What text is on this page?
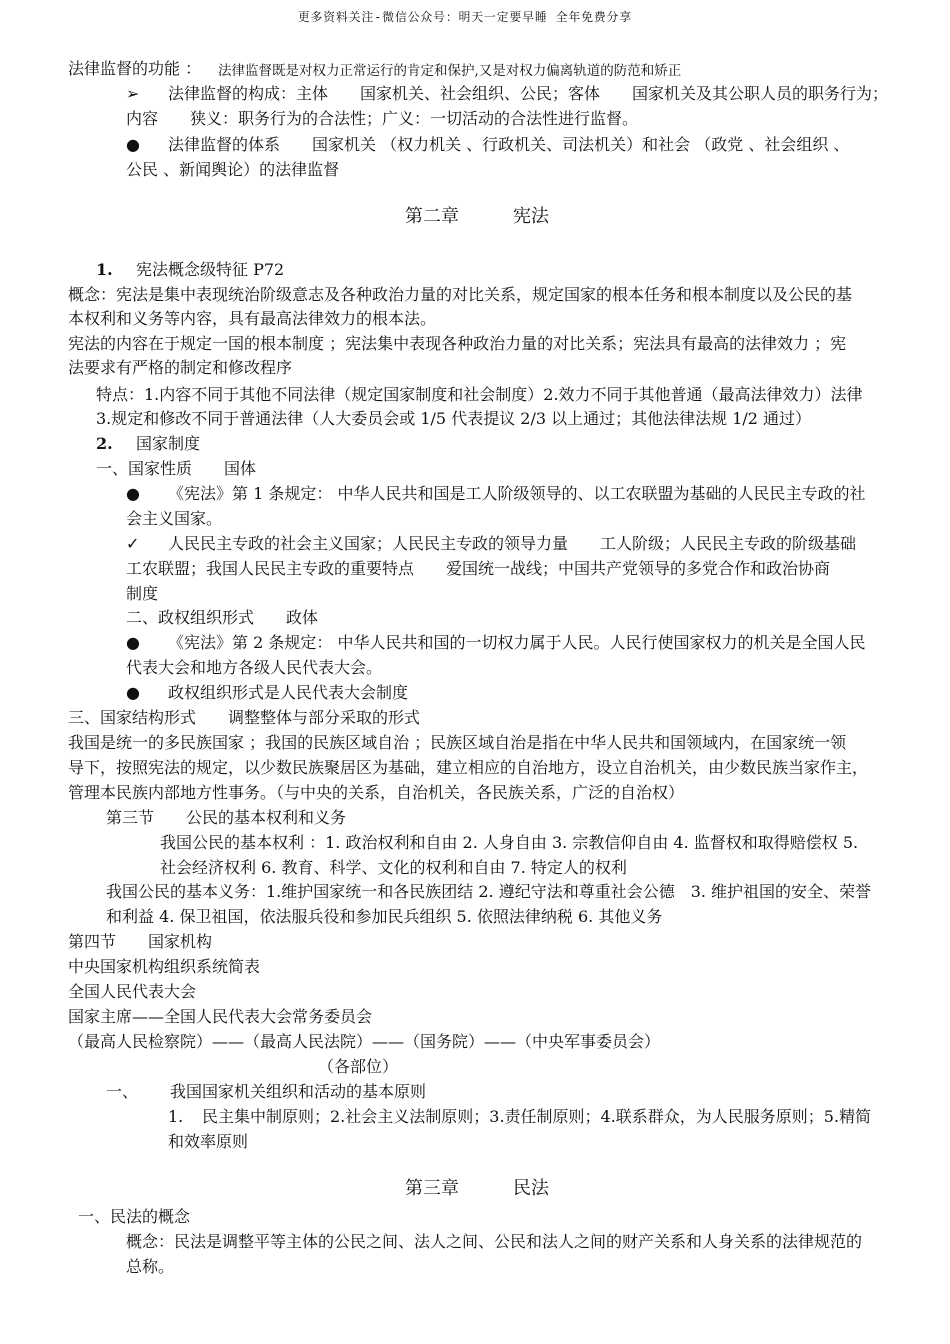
更多资料关注-微信公众号：明天一定要早睡 全年免费分享
法律监督的功能 ： 法律监督既是对权力正常运行的肯定和保护,又是对权力偏离轨道的防范和矫正
➢ 法律监督的构成：主体　　国家机关、社会组织、公民；客体　　国家机关及其公职人员的职务行为；
内容　　狭义：职务行为的合法性；广义：一切活动的合法性进行监督。
● 法律监督的体系　　国家机关 （权力机关 、行政机关、司法机关）和社会 （政党 、社会组织 、
公民 、新闻舆论）的法律监督
第二章　　　宪法
1. 宪法概念级特征 P72
概念：宪法是集中表现统治阶级意志及各种政治力量的对比关系，规定国家的根本任务和根本制度以及公民的基
本权利和义务等内容，具有最高法律效力的根本法。
宪法的内容在于规定一国的根本制度 ；宪法集中表现各种政治力量的对比关系；宪法具有最高的法律效力 ；宪
法要求有严格的制定和修改程序
特点：1.内容不同于其他不同法律（规定国家制度和社会制度）2.效力不同于其他普通（最高法律效力）法律
3.规定和修改不同于普通法律（人大委员会或 1/5 代表提议 2/3 以上通过；其他法律法规 1/2 通过）
2. 国家制度
一、国家性质　　国体
● 《宪法》第 1 条规定： 中华人民共和国是工人阶级领导的、以工农联盟为基础的人民民主专政的社
会主义国家。
✓ 人民民主专政的社会主义国家；人民民主专政的领导力量　　工人阶级；人民民主专政的阶级基础
工农联盟；我国人民民主专政的重要特点　　爱国统一战线；中国共产党领导的多党合作和政治协商
制度
二、政权组织形式　　政体
● 《宪法》第 2 条规定： 中华人民共和国的一切权力属于人民。人民行使国家权力的机关是全国人民
代表大会和地方各级人民代表大会。
● 政权组织形式是人民代表大会制度
三、国家结构形式　　调整整体与部分采取的形式
我国是统一的多民族国家 ；我国的民族区域自治 ；民族区域自治是指在中华人民共和国领域内，在国家统一领
导下，按照宪法的规定，以少数民族聚居区为基础，建立相应的自治地方，设立自治机关，由少数民族当家作主，
管理本民族内部地方性事务。（与中央的关系，自治机关，各民族关系，广泛的自治权）
第三节　　公民的基本权利和义务
我国公民的基本权利 ：1. 政治权利和自由 2. 人身自由 3. 宗教信仰自由 4. 监督权和取得赔偿权 5.
社会经济权利 6. 教育、科学、文化的权利和自由 7. 特定人的权利
我国公民的基本义务：1.维护国家统一和各民族团结 2. 遵纪守法和尊重社会公德　3. 维护祖国的安全、荣誉
和利益 4. 保卫祖国，依法服兵役和参加民兵组织 5. 依照法律纳税 6. 其他义务
第四节　　国家机构
中央国家机构组织系统简表
全国人民代表大会
国家主席——全国人民代表大会常务委员会
（最高人民检察院）——（最高人民法院）——（国务院）——（中央军事委员会）
（各部位）
一、 我国国家机关组织和活动的基本原则
1. 民主集中制原则；2.社会主义法制原则；3.责任制原则；4.联系群众，为人民服务原则；5.精简
和效率原则
第三章　　　民法
一、民法的概念
概念：民法是调整平等主体的公民之间、法人之间、公民和法人之间的财产关系和人身关系的法律规范的
总称。
